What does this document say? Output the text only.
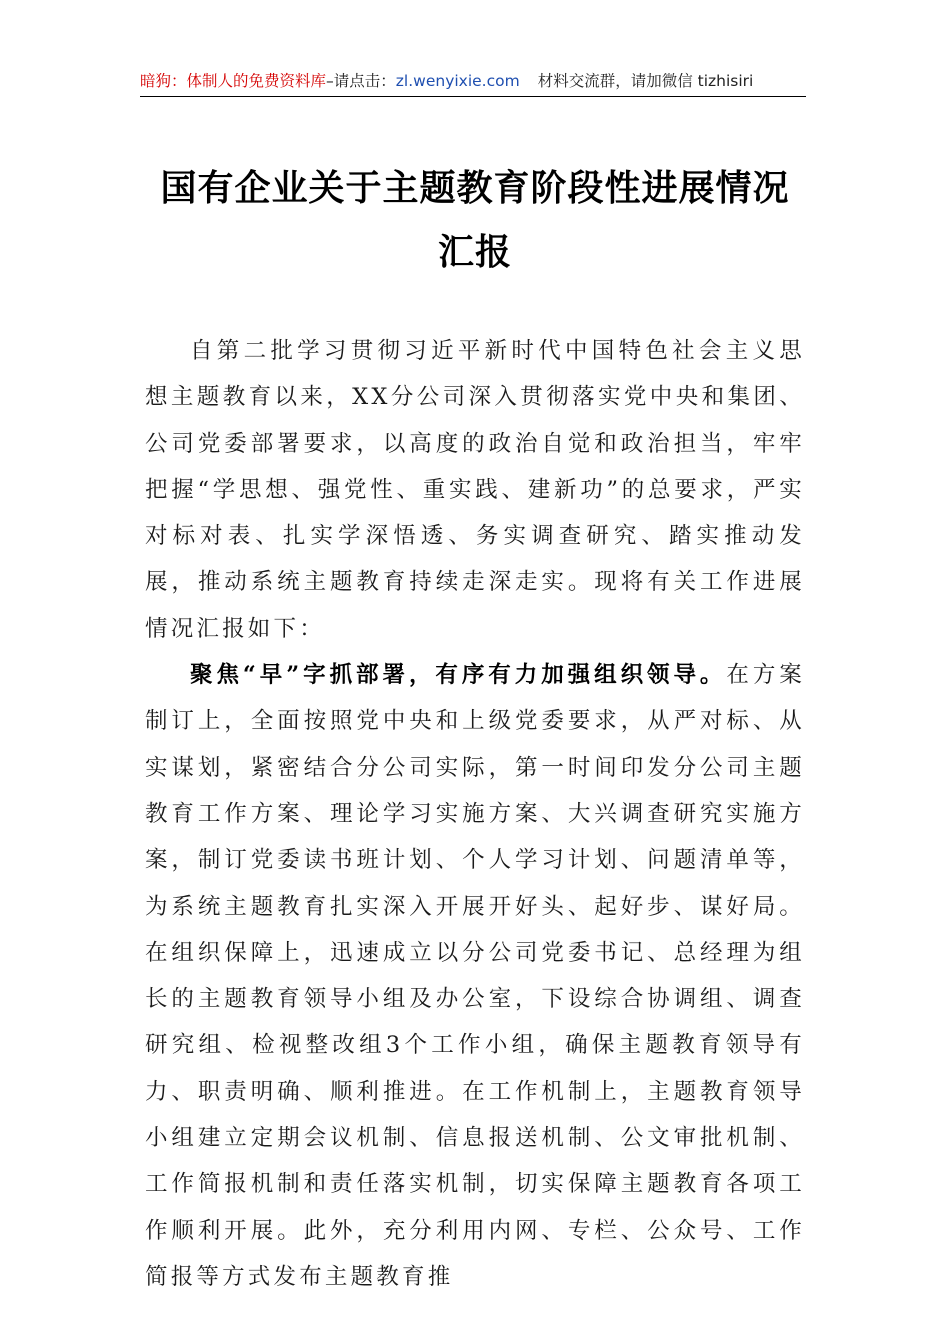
暗狗：体制人的免费资料库–请点击：zl.wenyixie.com 材料交流群，请加微信 tizhisiri
国有企业关于主题教育阶段性进展情况汇报

自第二批学习贯彻习近平新时代中国特色社会主义思想主题教育以来，XX分公司深入贯彻落实党中央和集团、公司党委部署要求，以高度的政治自觉和政治担当，牢牢把握“学思想、强党性、重实践、建新功”的总要求，严实对标对表、扎实学深悟透、务实调查研究、踏实推动发展，推动系统主题教育持续走深走实。现将有关工作进展情况汇报如下：

聚焦“早”字抓部署，有序有力加强组织领导。在方案制订上，全面按照党中央和上级党委要求，从严对标、从实谋划，紧密结合分公司实际，第一时间印发分公司主题教育工作方案、理论学习实施方案、大兴调查研究实施方案，制订党委读书班计划、个人学习计划、问题清单等，为系统主题教育扎实深入开展开好头、起好步、谋好局。在组织保障上，迅速成立以分公司党委书记、总经理为组长的主题教育领导小组及办公室，下设综合协调组、调查研究组、检视整改组3个工作小组，确保主题教育领导有力、职责明确、顺利推进。在工作机制上，主题教育领导小组建立定期会议机制、信息报送机制、公文审批机制、工作简报机制和责任落实机制，切实保障主题教育各项工作顺利开展。此外，充分利用内网、专栏、公众号、工作简报等方式发布主题教育推
